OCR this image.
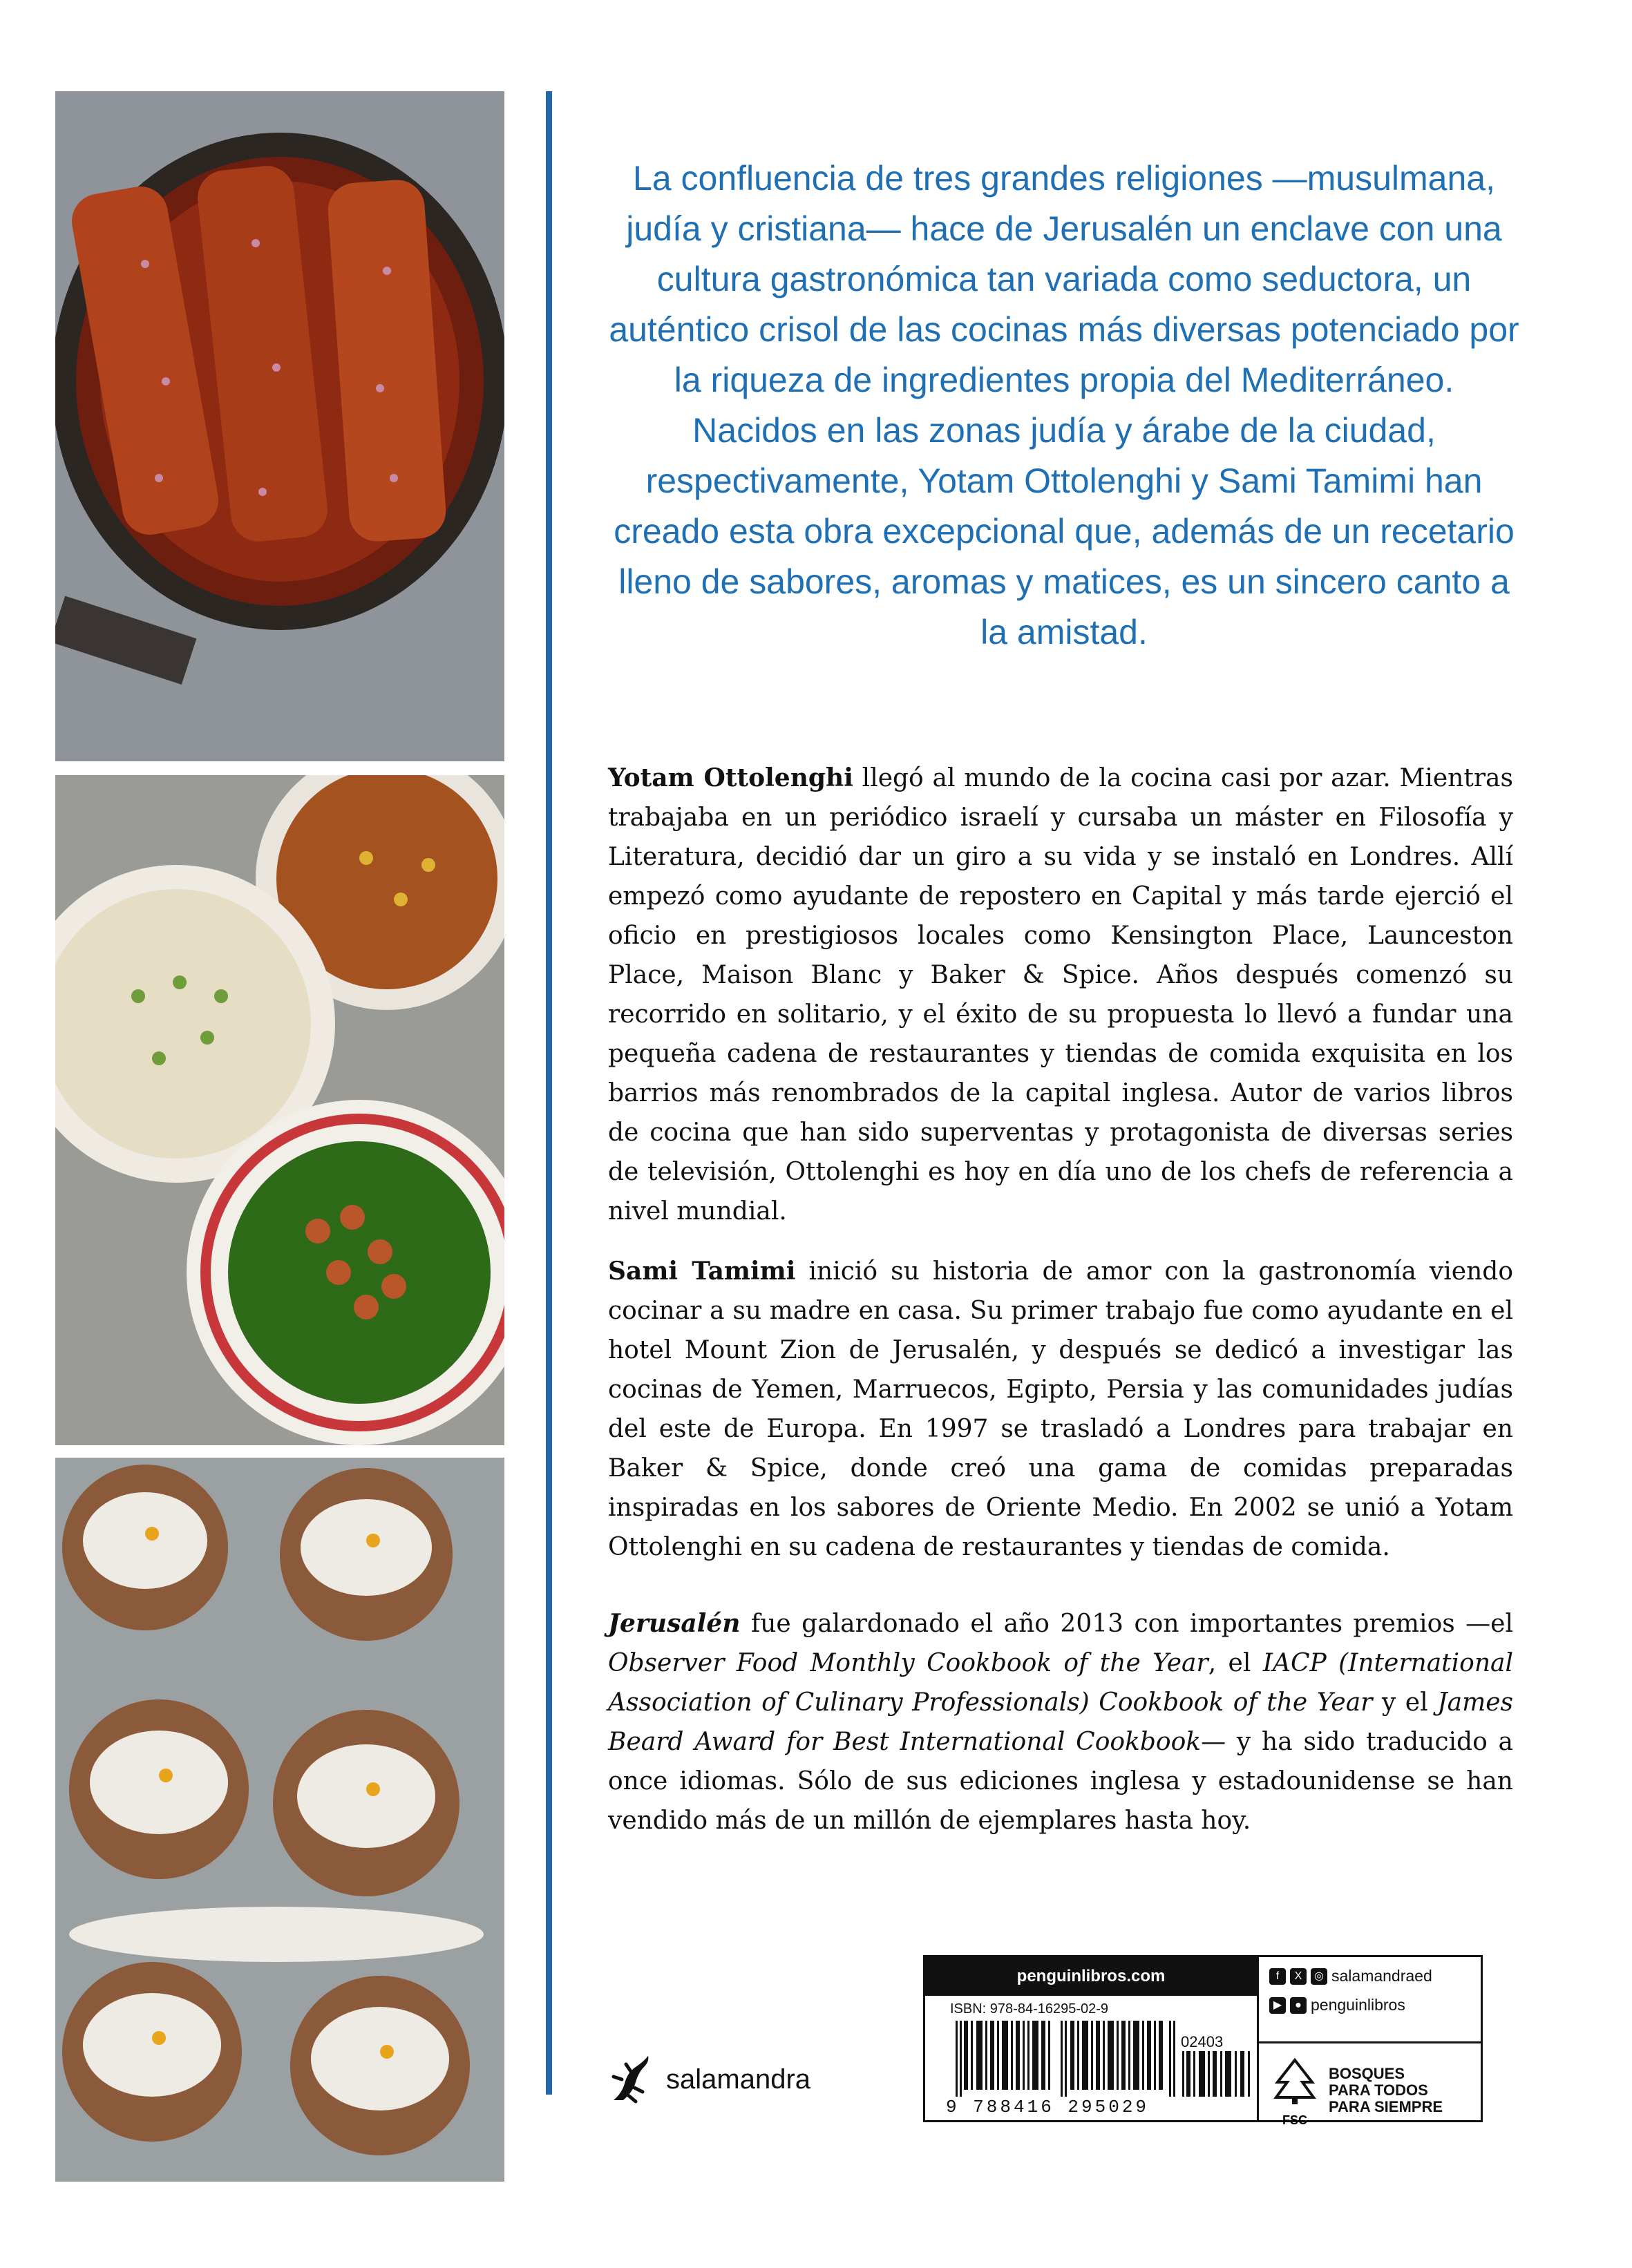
La confluencia de tres grandes religiones —musulmana, judía y cristiana— hace de Jerusalén un enclave con una cultura gastronómica tan variada como seductora, un auténtico crisol de las cocinas más diversas potenciado por la riqueza de ingredientes propia del Mediterráneo. Nacidos en las zonas judía y árabe de la ciudad, respectivamente, Yotam Ottolenghi y Sami Tamimi han creado esta obra excepcional que, además de un recetario lleno de sabores, aromas y matices, es un sincero canto a la amistad.

Yotam Ottolenghi llegó al mundo de la cocina casi por azar. Mientras trabajaba en un periódico israelí y cursaba un máster en Filosofía y Literatura, decidió dar un giro a su vida y se instaló en Londres. Allí empezó como ayudante de repostero en Capital y más tarde ejerció el oficio en prestigiosos locales como Kensington Place, Launceston Place, Maison Blanc y Baker & Spice. Años después comenzó su recorrido en solitario, y el éxito de su propuesta lo llevó a fundar una pequeña cadena de restaurantes y tiendas de comida exquisita en los barrios más renombrados de la capital inglesa. Autor de varios libros de cocina que han sido superventas y protagonista de diversas series de televisión, Ottolenghi es hoy en día uno de los chefs de referencia a nivel mundial.

Sami Tamimi inició su historia de amor con la gastronomía viendo cocinar a su madre en casa. Su primer trabajo fue como ayudante en el hotel Mount Zion de Jerusalén, y después se dedicó a investigar las cocinas de Yemen, Marruecos, Egipto, Persia y las comunidades judías del este de Europa. En 1997 se trasladó a Londres para trabajar en Baker & Spice, donde creó una gama de comidas preparadas inspiradas en los sabores de Oriente Medio. En 2002 se unió a Yotam Ottolenghi en su cadena de restaurantes y tiendas de comida.

Jerusalén fue galardonado el año 2013 con importantes premios —el Observer Food Monthly Cookbook of the Year, el IACP (International Association of Culinary Professionals) Cookbook of the Year y el James Beard Award for Best International Cookbook— y ha sido traducido a once idiomas. Sólo de sus ediciones inglesa y estadounidense se han vendido más de un millón de ejemplares hasta hoy.

salamandra
penguinlibros.com
ISBN: 978-84-16295-02-9
02403
9 788416 295029
f	X	◎ salamandraed
▶	● penguinlibros
FSC
BOSQUES
PARA TODOS
PARA SIEMPRE
